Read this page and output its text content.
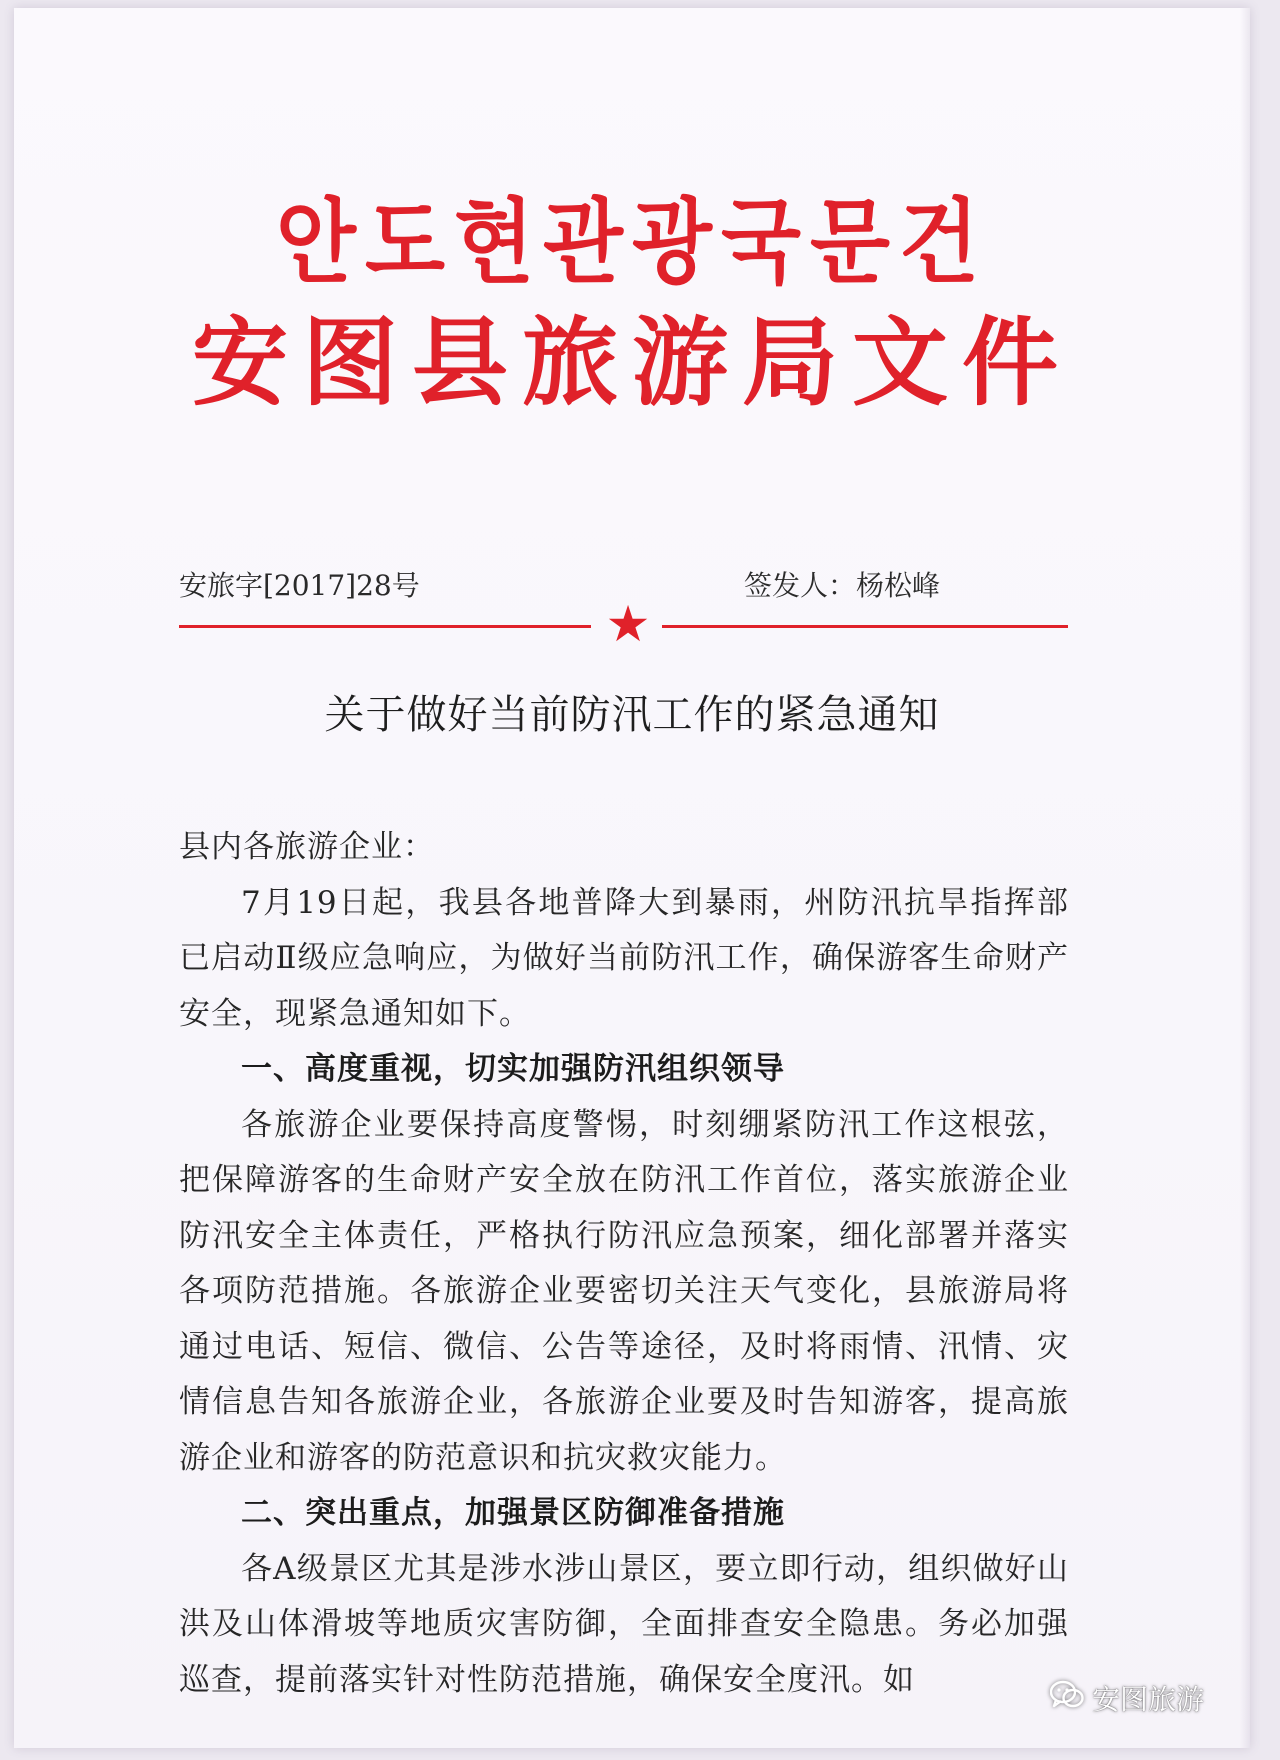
안도현관광국문건
安图县旅游局文件
安旅字[2017]28号	签发人：杨松峰
★
关于做好当前防汛工作的紧急通知

县内各旅游企业：

7月19日起，我县各地普降大到暴雨，州防汛抗旱指挥部已启动Ⅱ级应急响应，为做好当前防汛工作，确保游客生命财产安全，现紧急通知如下。

一、高度重视，切实加强防汛组织领导

各旅游企业要保持高度警惕，时刻绷紧防汛工作这根弦，把保障游客的生命财产安全放在防汛工作首位，落实旅游企业防汛安全主体责任，严格执行防汛应急预案，细化部署并落实各项防范措施。各旅游企业要密切关注天气变化，县旅游局将通过电话、短信、微信、公告等途径，及时将雨情、汛情、灾情信息告知各旅游企业，各旅游企业要及时告知游客，提高旅游企业和游客的防范意识和抗灾救灾能力。

二、突出重点，加强景区防御准备措施

各A级景区尤其是涉水涉山景区，要立即行动，组织做好山洪及山体滑坡等地质灾害防御，全面排查安全隐患。务必加强巡查，提前落实针对性防范措施，确保安全度汛。如

安图旅游
